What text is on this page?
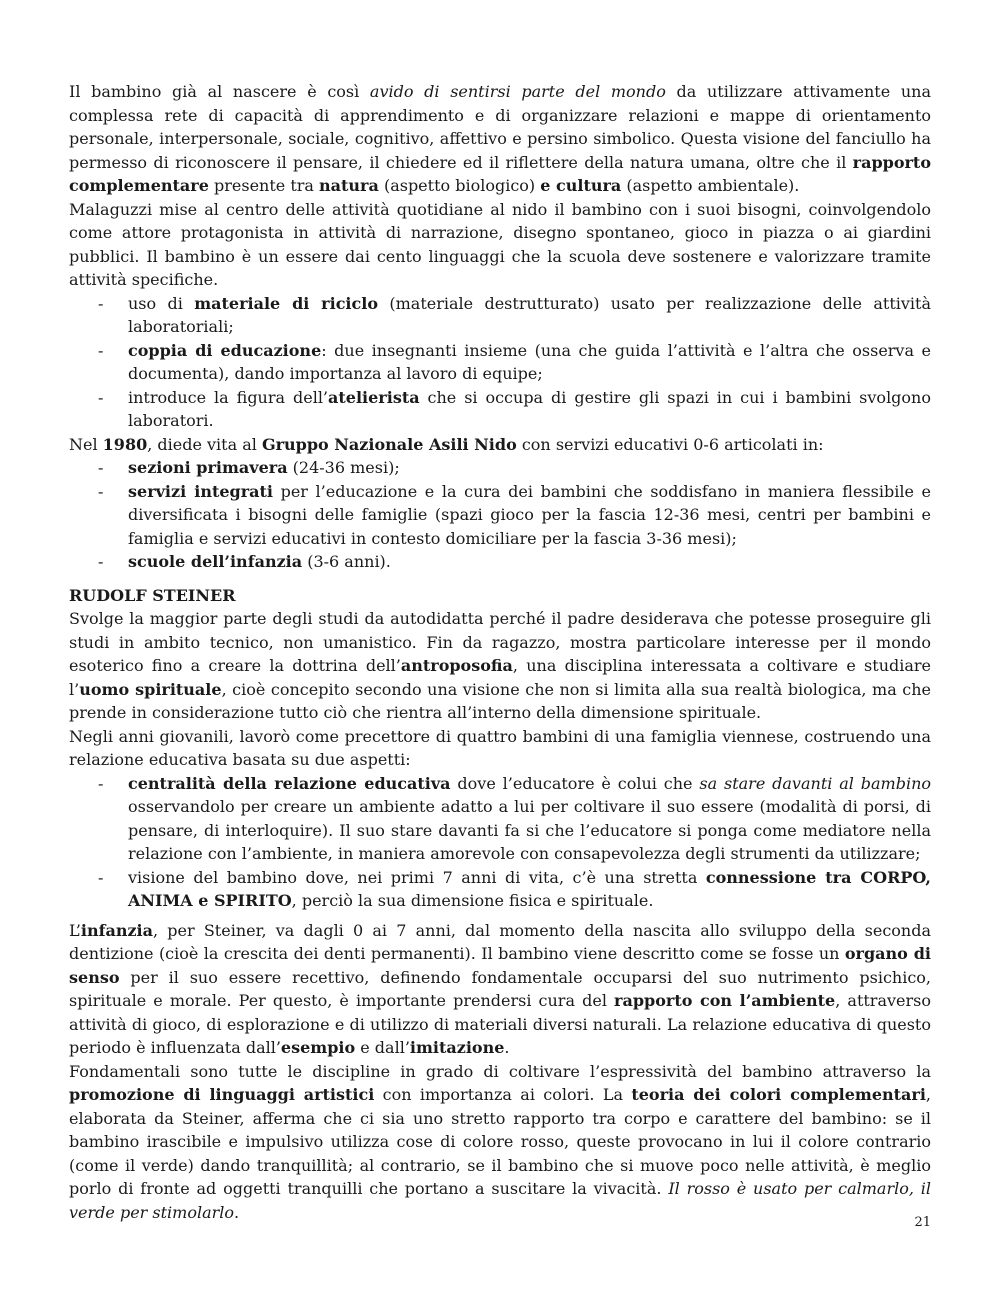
Il bambino già al nascere è così avido di sentirsi parte del mondo da utilizzare attivamente una complessa rete di capacità di apprendimento e di organizzare relazioni e mappe di orientamento personale, interpersonale, sociale, cognitivo, affettivo e persino simbolico. Questa visione del fanciullo ha permesso di riconoscere il pensare, il chiedere ed il riflettere della natura umana, oltre che il rapporto complementare presente tra natura (aspetto biologico) e cultura (aspetto ambientale).

Malaguzzi mise al centro delle attività quotidiane al nido il bambino con i suoi bisogni, coinvolgendolo come attore protagonista in attività di narrazione, disegno spontaneo, gioco in piazza o ai giardini pubblici. Il bambino è un essere dai cento linguaggi che la scuola deve sostenere e valorizzare tramite attività specifiche.

- uso di materiale di riciclo (materiale destrutturato) usato per realizzazione delle attività laboratoriali;
- coppia di educazione: due insegnanti insieme (una che guida l’attività e l’altra che osserva e documenta), dando importanza al lavoro di equipe;
- introduce la figura dell’atelierista che si occupa di gestire gli spazi in cui i bambini svolgono laboratori.

Nel 1980, diede vita al Gruppo Nazionale Asili Nido con servizi educativi 0-6 articolati in:

- sezioni primavera (24-36 mesi);
- servizi integrati per l’educazione e la cura dei bambini che soddisfano in maniera flessibile e diversificata i bisogni delle famiglie (spazi gioco per la fascia 12-36 mesi, centri per bambini e famiglia e servizi educativi in contesto domiciliare per la fascia 3-36 mesi);
- scuole dell’infanzia (3-6 anni).
RUDOLF STEINER

Svolge la maggior parte degli studi da autodidatta perché il padre desiderava che potesse proseguire gli studi in ambito tecnico, non umanistico. Fin da ragazzo, mostra particolare interesse per il mondo esoterico fino a creare la dottrina dell’antroposofia, una disciplina interessata a coltivare e studiare l’uomo spirituale, cioè concepito secondo una visione che non si limita alla sua realtà biologica, ma che prende in considerazione tutto ciò che rientra all’interno della dimensione spirituale.

Negli anni giovanili, lavorò come precettore di quattro bambini di una famiglia viennese, costruendo una relazione educativa basata su due aspetti:

- centralità della relazione educativa dove l’educatore è colui che sa stare davanti al bambino osservandolo per creare un ambiente adatto a lui per coltivare il suo essere (modalità di porsi, di pensare, di interloquire). Il suo stare davanti fa si che l’educatore si ponga come mediatore nella relazione con l’ambiente, in maniera amorevole con consapevolezza degli strumenti da utilizzare;
- visione del bambino dove, nei primi 7 anni di vita, c’è una stretta connessione tra CORPO, ANIMA e SPIRITO, perciò la sua dimensione fisica e spirituale.

L’infanzia, per Steiner, va dagli 0 ai 7 anni, dal momento della nascita allo sviluppo della seconda dentizione (cioè la crescita dei denti permanenti). Il bambino viene descritto come se fosse un organo di senso per il suo essere recettivo, definendo fondamentale occuparsi del suo nutrimento psichico, spirituale e morale. Per questo, è importante prendersi cura del rapporto con l’ambiente, attraverso attività di gioco, di esplorazione e di utilizzo di materiali diversi naturali. La relazione educativa di questo periodo è influenzata dall’esempio e dall’imitazione.

Fondamentali sono tutte le discipline in grado di coltivare l’espressività del bambino attraverso la promozione di linguaggi artistici con importanza ai colori. La teoria dei colori complementari, elaborata da Steiner, afferma che ci sia uno stretto rapporto tra corpo e carattere del bambino: se il bambino irascibile e impulsivo utilizza cose di colore rosso, queste provocano in lui il colore contrario (come il verde) dando tranquillità; al contrario, se il bambino che si muove poco nelle attività, è meglio porlo di fronte ad oggetti tranquilli che portano a suscitare la vivacità. Il rosso è usato per calmarlo, il verde per stimolarlo.

21
